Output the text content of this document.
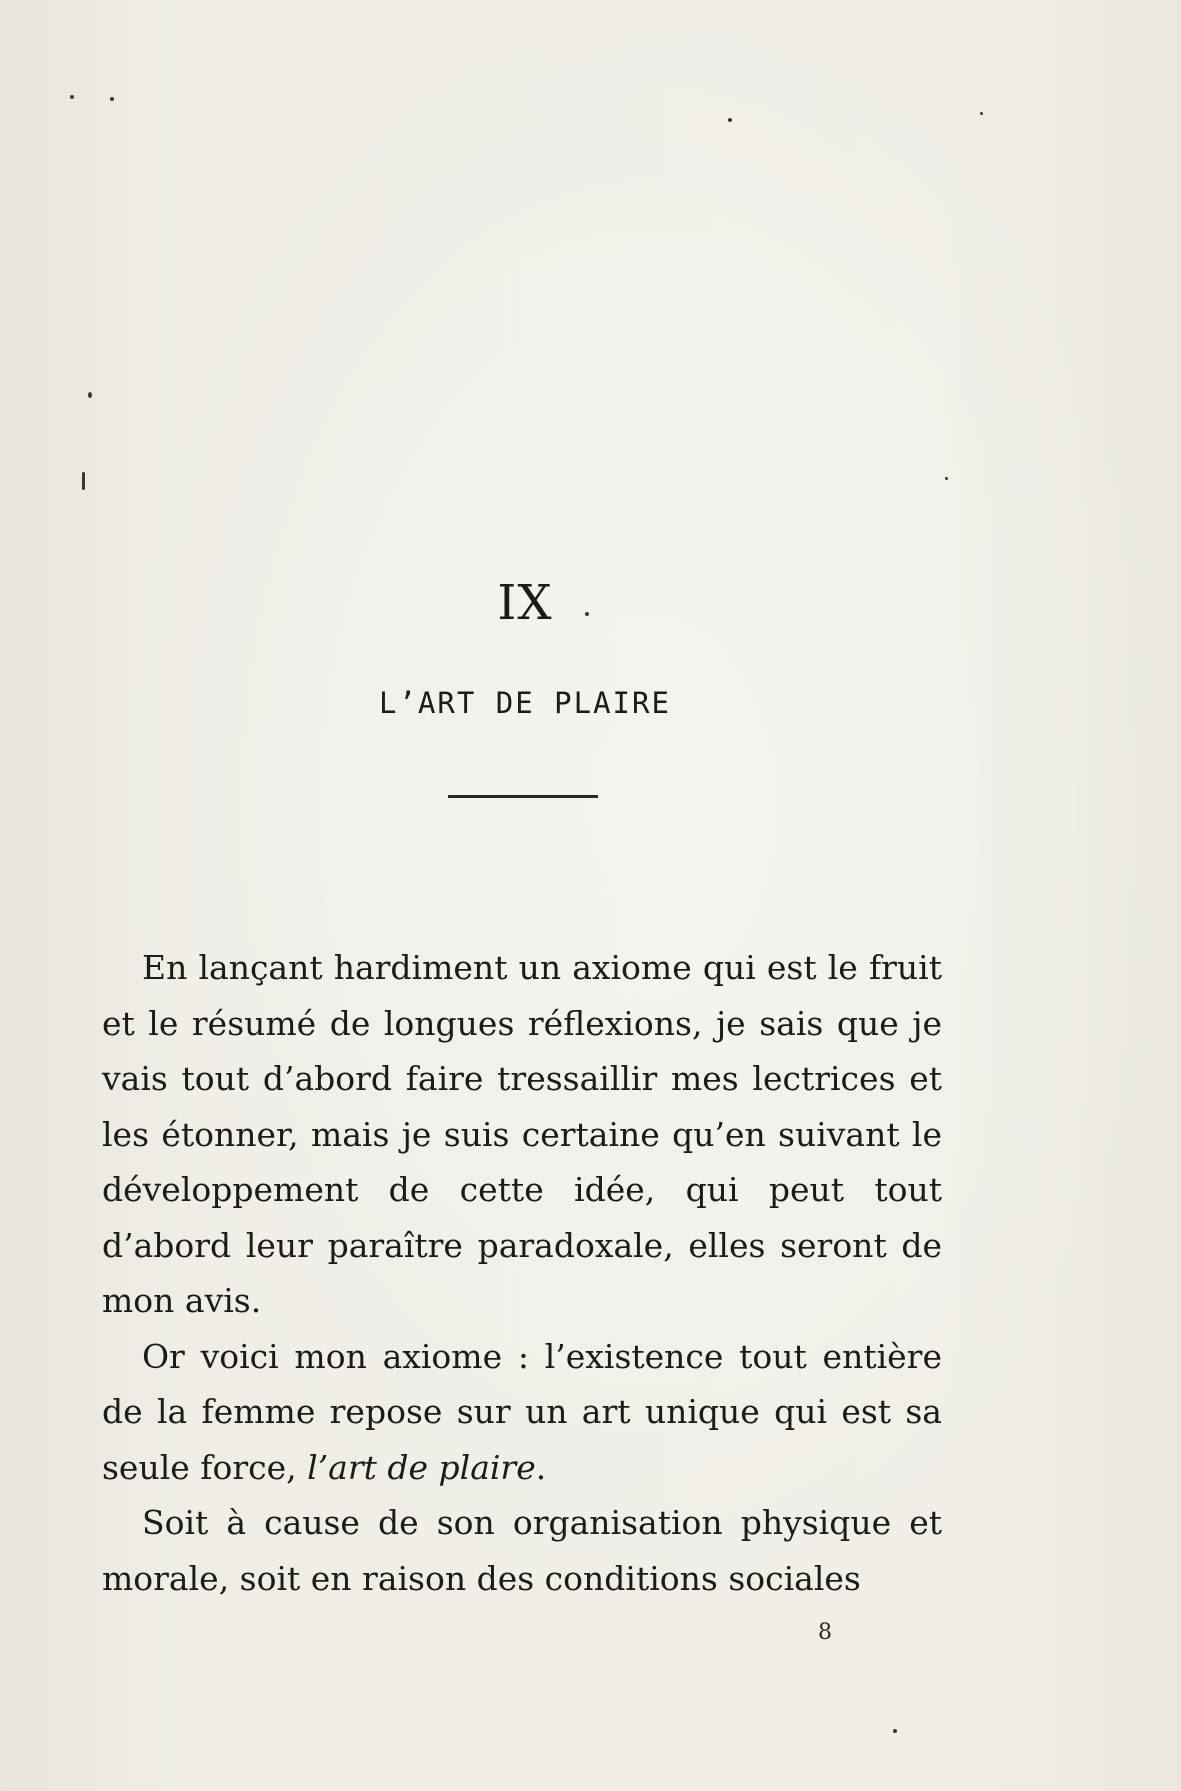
IX
L’ART DE PLAIRE

En lançant hardiment un axiome qui est le fruit et le résumé de longues réflexions, je sais que je vais tout d’abord faire tressaillir mes lectrices et les étonner, mais je suis certaine qu’en suivant le développement de cette idée, qui peut tout d’abord leur paraître paradoxale, elles seront de mon avis.

Or voici mon axiome : l’existence tout entière de la femme repose sur un art unique qui est sa seule force, l’art de plaire.

Soit à cause de son organisation physique et morale, soit en raison des conditions sociales

8
